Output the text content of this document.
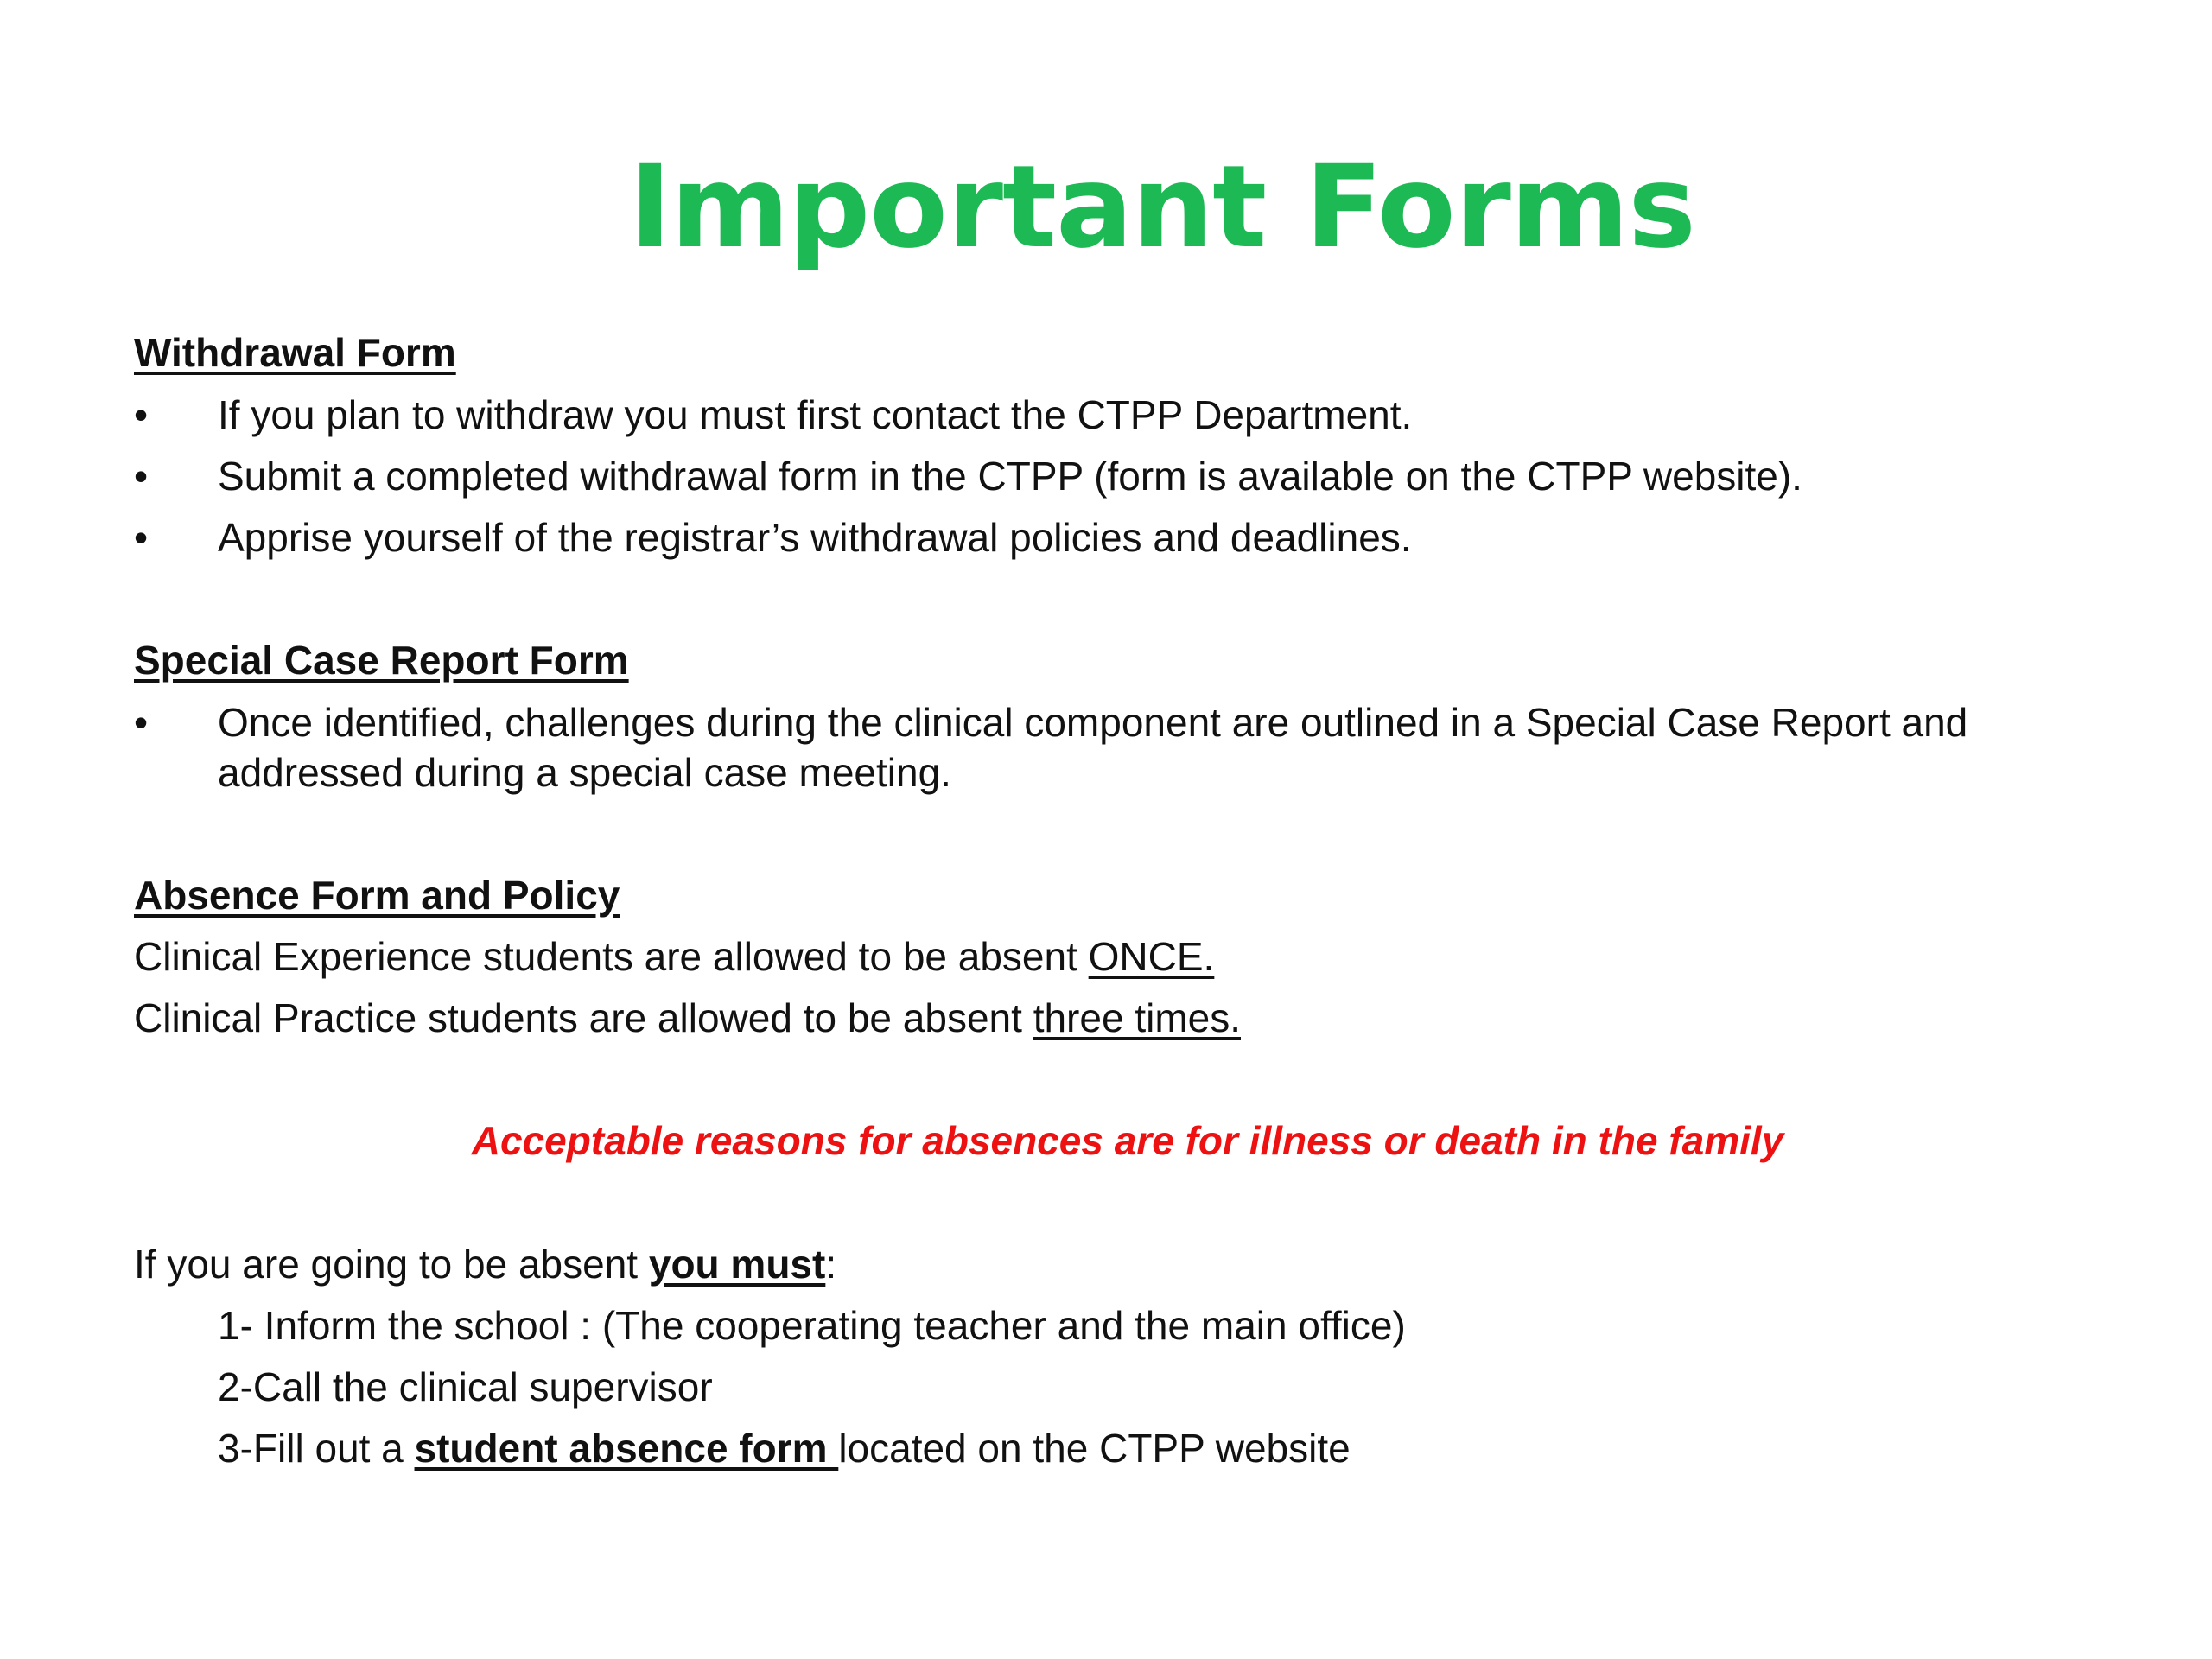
Important Forms
Withdrawal Form
• If you plan to withdraw you must first contact the CTPP Department.
• Submit a completed withdrawal form in the CTPP (form is available on the CTPP website).
• Apprise yourself of the registrar’s withdrawal policies and deadlines.
Special Case Report Form
• Once identified, challenges during the clinical component are outlined in a Special Case Report and
addressed during a special case meeting.
Absence Form and Policy
Clinical Experience students are allowed to be absent ONCE.
Clinical Practice students are allowed to be absent three times.
Acceptable reasons for absences are for illness or death in the family
If you are going to be absent you must:
1- Inform the school : (The cooperating teacher and the main office)
2-Call the clinical supervisor
3-Fill out a student absence form located on the CTPP website
